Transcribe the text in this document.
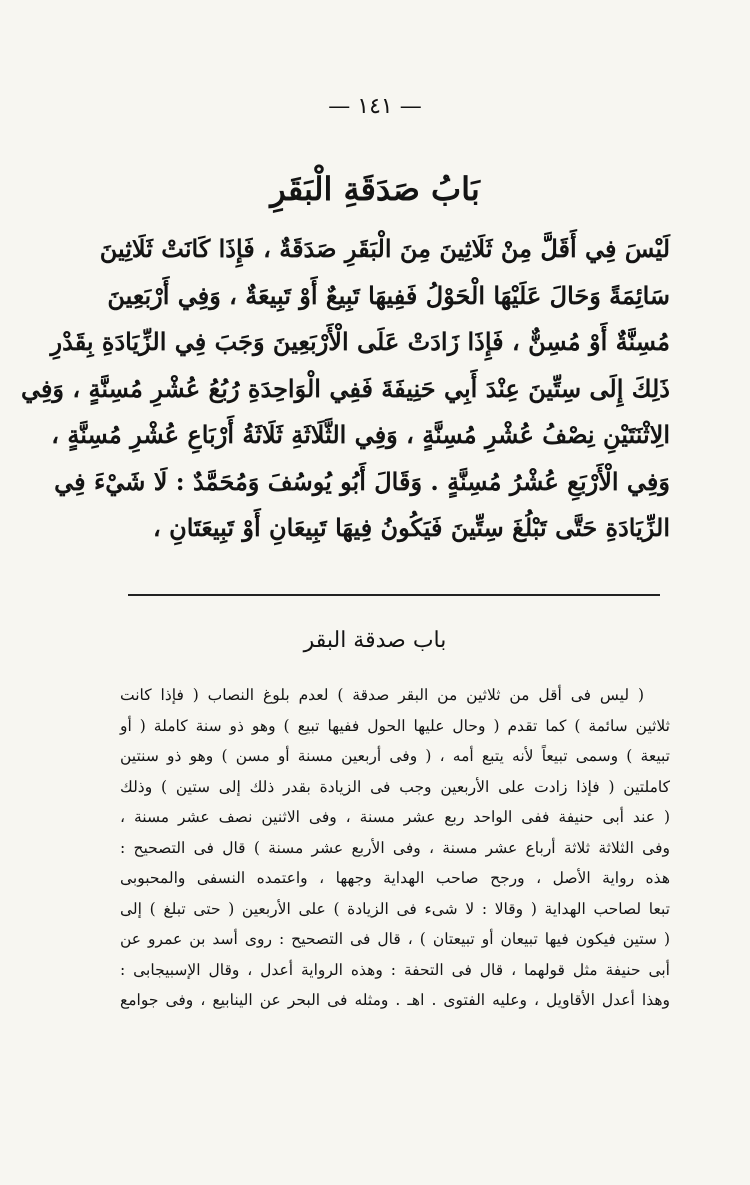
— ١٤١ —
بَابُ صَدَقَةِ الْبَقَرِ
لَيْسَ فِي أَقَلَّ مِنْ ثَلَاثِينَ مِنَ الْبَقَرِ صَدَقَةٌ ، فَإِذَا كَانَتْ ثَلَاثِينَ
سَائِمَةً وَحَالَ عَلَيْهَا الْحَوْلُ فَفِيهَا تَبِيعٌ أَوْ تَبِيعَةٌ ، وَفِي أَرْبَعِينَ
مُسِنَّةٌ أَوْ مُسِنٌّ ، فَإِذَا زَادَتْ عَلَى الْأَرْبَعِينَ وَجَبَ فِي الزِّيَادَةِ بِقَدْرِ
ذَلِكَ إِلَى سِتِّينَ عِنْدَ أَبِي حَنِيفَةَ فَفِي الْوَاحِدَةِ رُبُعُ عُشْرِ مُسِنَّةٍ ، وَفِي
الِاثْنَتَيْنِ نِصْفُ عُشْرِ مُسِنَّةٍ ، وَفِي الثَّلَاثَةِ ثَلَاثَةُ أَرْبَاعِ عُشْرِ مُسِنَّةٍ ،
وَفِي الْأَرْبَعِ عُشْرُ مُسِنَّةٍ . وَقَالَ أَبُو يُوسُفَ وَمُحَمَّدٌ : لَا شَيْءَ فِي
الزِّيَادَةِ حَتَّى تَبْلُغَ سِتِّينَ فَيَكُونُ فِيهَا تَبِيعَانِ أَوْ تَبِيعَتَانِ ،
باب صدقة البقر
( ليس فى أقل من ثلاثين من البقر صدقة ) لعدم بلوغ النصاب ( فإذا كانت
ثلاثين سائمة ) كما تقدم ( وحال عليها الحول ففيها تبيع ) وهو ذو سنة كاملة ( أو
تبيعة ) وسمى تبيعاً لأنه يتبع أمه ، ( وفى أربعين مسنة أو مسن ) وهو ذو سنتين
كاملتين ( فإذا زادت على الأربعين وجب فى الزيادة بقدر ذلك إلى ستين ) وذلك
( عند أبى حنيفة ففى الواحد ربع عشر مسنة ، وفى الاثنين نصف عشر مسنة ،
وفى الثلاثة ثلاثة أرباع عشر مسنة ، وفى الأربع عشر مسنة ) قال فى التصحيح :
هذه رواية الأصل ، ورجح صاحب الهداية وجهها ، واعتمده النسفى والمحبوبى
تبعا لصاحب الهداية ( وقالا : لا شىء فى الزيادة ) على الأربعين ( حتى تبلغ ) إلى
( ستين فيكون فيها تبيعان أو تبيعتان ) ، قال فى التصحيح : روى أسد بن عمرو عن
أبى حنيفة مثل قولهما ، قال فى التحفة : وهذه الرواية أعدل ، وقال الإسبيجابى :
وهذا أعدل الأقاويل ، وعليه الفتوى . اهـ . ومثله فى البحر عن الينابيع ، وفى جوامع
